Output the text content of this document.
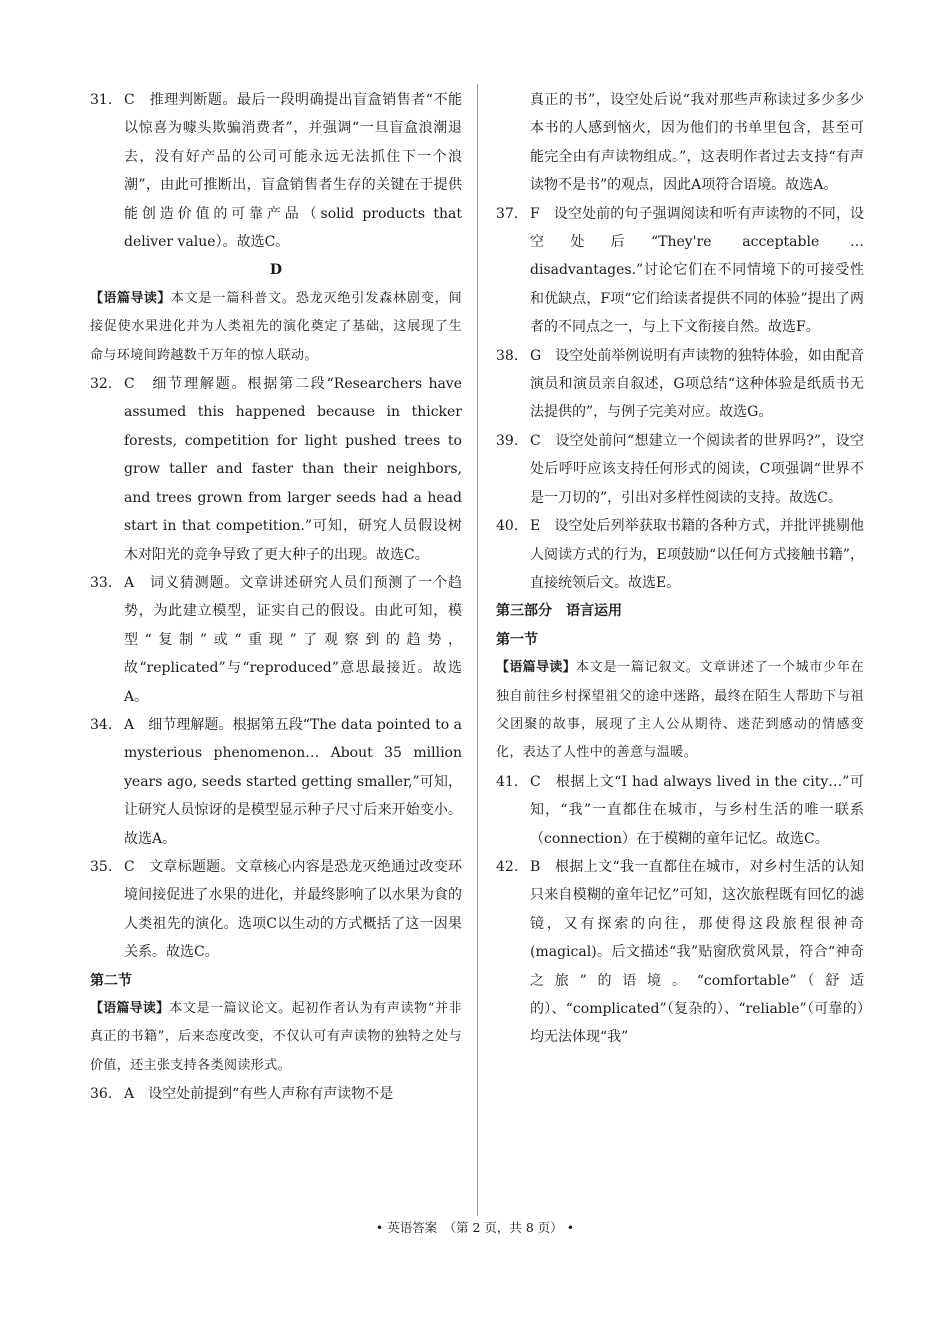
31. C　推理判断题。最后一段明确提出盲盒销售者“不能以惊喜为噱头欺骗消费者”，并强调“一旦盲盒浪潮退去，没有好产品的公司可能永远无法抓住下一个浪潮”，由此可推断出，盲盒销售者生存的关键在于提供能创造价值的可靠产品（solid products that deliver value）。故选C。

D

【语篇导读】本文是一篇科普文。恐龙灭绝引发森林剧变，间接促使水果进化并为人类祖先的演化奠定了基础，这展现了生命与环境间跨越数千万年的惊人联动。

32. C　细节理解题。根据第二段“Researchers have assumed this happened because in thicker forests, competition for light pushed trees to grow taller and faster than their neighbors, and trees grown from larger seeds had a head start in that competition.”可知，研究人员假设树木对阳光的竞争导致了更大种子的出现。故选C。
33. A　词义猜测题。文章讲述研究人员们预测了一个趋势，为此建立模型，证实自己的假设。由此可知，模型“复制”或“重现”了观察到的趋势，故“replicated”与“reproduced”意思最接近。故选A。
34. A　细节理解题。根据第五段“The data pointed to a mysterious phenomenon… About 35 million years ago, seeds started getting smaller,”可知，让研究人员惊讶的是模型显示种子尺寸后来开始变小。故选A。
35. C　文章标题题。文章核心内容是恐龙灭绝通过改变环境间接促进了水果的进化，并最终影响了以水果为食的人类祖先的演化。选项C以生动的方式概括了这一因果关系。故选C。

第二节

【语篇导读】本文是一篇议论文。起初作者认为有声读物“并非真正的书籍”，后来态度改变，不仅认可有声读物的独特之处与价值，还主张支持各类阅读形式。

36. A　设空处前提到“有些人声称有声读物不是

真正的书”，设空处后说“我对那些声称读过多少多少本书的人感到恼火，因为他们的书单里包含，甚至可能完全由有声读物组成。”，这表明作者过去支持“有声读物不是书”的观点，因此A项符合语境。故选A。

37. F　设空处前的句子强调阅读和听有声读物的不同，设空处后“They're acceptable … disadvantages.”讨论它们在不同情境下的可接受性和优缺点，F项“它们给读者提供不同的体验”提出了两者的不同点之一，与上下文衔接自然。故选F。
38. G　设空处前举例说明有声读物的独特体验，如由配音演员和演员亲自叙述，G项总结“这种体验是纸质书无法提供的”，与例子完美对应。故选G。
39. C　设空处前问“想建立一个阅读者的世界吗?”，设空处后呼吁应该支持任何形式的阅读，C项强调“世界不是一刀切的”，引出对多样性阅读的支持。故选C。
40. E　设空处后列举获取书籍的各种方式，并批评挑剔他人阅读方式的行为，E项鼓励“以任何方式接触书籍”，直接统领后文。故选E。

第三部分　语言运用

第一节

【语篇导读】本文是一篇记叙文。文章讲述了一个城市少年在独自前往乡村探望祖父的途中迷路，最终在陌生人帮助下与祖父团聚的故事，展现了主人公从期待、迷茫到感动的情感变化，表达了人性中的善意与温暖。

41. C　根据上文“I had always lived in the city…”可知，“我”一直都住在城市，与乡村生活的唯一联系（connection）在于模糊的童年记忆。故选C。
42. B　根据上文“我一直都住在城市，对乡村生活的认知只来自模糊的童年记忆”可知，这次旅程既有回忆的滤镜，又有探索的向往，那使得这段旅程很神奇(magical)。后文描述“我”贴窗欣赏风景，符合“神奇之旅”的语境。“comfortable”（舒适的）、“complicated”（复杂的）、“reliable”（可靠的）均无法体现“我”
• 英语答案　（第 2 页，共 8 页） •
